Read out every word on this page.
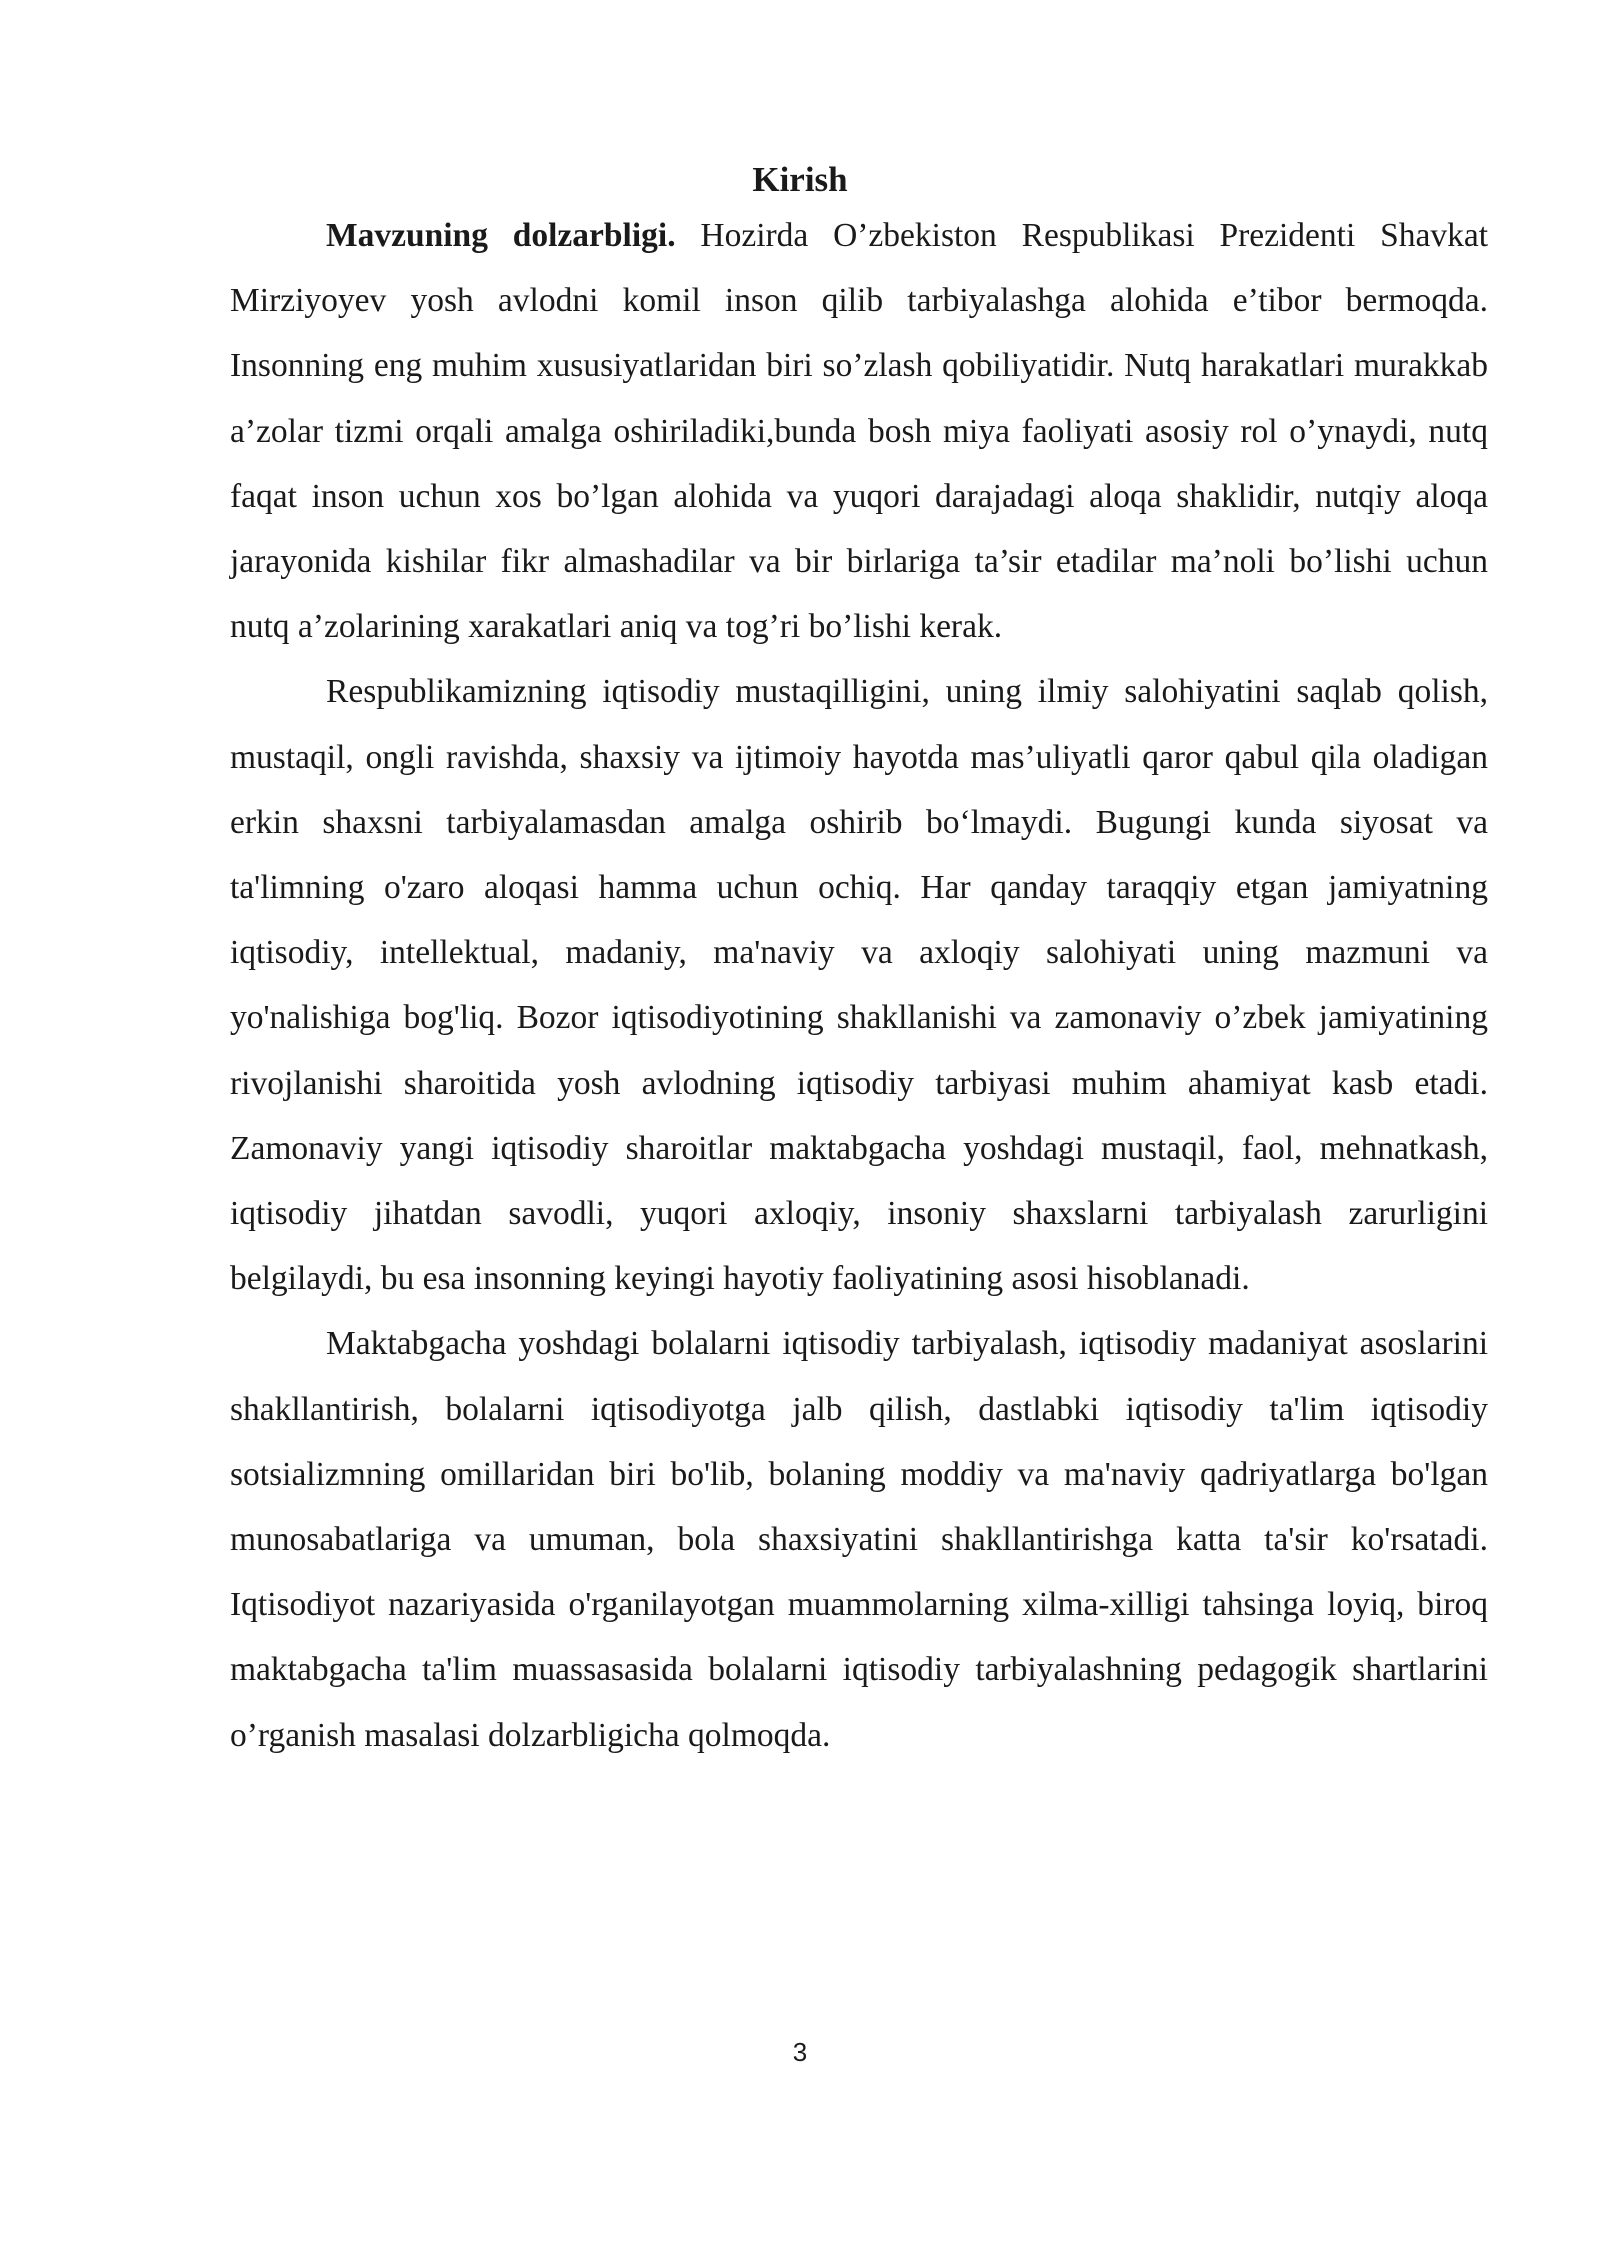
Kirish

Mavzuning dolzarbligi. Hozirda O’zbekiston Respublikasi Prezidenti Shavkat Mirziyoyev yosh avlodni komil inson qilib tarbiyalashga alohida e’tibor bermoqda. Insonning eng muhim xususiyatlaridan biri so’zlash qobiliyatidir. Nutq harakatlari murakkab a’zolar tizmi orqali amalga oshiriladiki,bunda bosh miya faoliyati asosiy rol o’ynaydi, nutq faqat inson uchun xos bo’lgan alohida va yuqori darajadagi aloqa shaklidir, nutqiy aloqa jarayonida kishilar fikr almashadilar va bir birlariga ta’sir etadilar ma’noli bo’lishi uchun nutq a’zolarining xarakatlari aniq va tog’ri bo’lishi kerak.

Respublikamizning iqtisodiy mustaqilligini, uning ilmiy salohiyatini saqlab qolish, mustaqil, ongli ravishda, shaxsiy va ijtimoiy hayotda mas’uliyatli qaror qabul qila oladigan erkin shaxsni tarbiyalamasdan amalga oshirib bo‘lmaydi. Bugungi kunda siyosat va ta'limning o'zaro aloqasi hamma uchun ochiq. Har qanday taraqqiy etgan jamiyatning iqtisodiy, intellektual, madaniy, ma'naviy va axloqiy salohiyati uning mazmuni va yo'nalishiga bog'liq. Bozor iqtisodiyotining shakllanishi va zamonaviy o’zbek jamiyatining rivojlanishi sharoitida yosh avlodning iqtisodiy tarbiyasi muhim ahamiyat kasb etadi. Zamonaviy yangi iqtisodiy sharoitlar maktabgacha yoshdagi mustaqil, faol, mehnatkash, iqtisodiy jihatdan savodli, yuqori axloqiy, insoniy shaxslarni tarbiyalash zarurligini belgilaydi, bu esa insonning keyingi hayotiy faoliyatining asosi hisoblanadi.

Maktabgacha yoshdagi bolalarni iqtisodiy tarbiyalash, iqtisodiy madaniyat asoslarini shakllantirish, bolalarni iqtisodiyotga jalb qilish, dastlabki iqtisodiy ta'lim iqtisodiy sotsializmning omillaridan biri bo'lib, bolaning moddiy va ma'naviy qadriyatlarga bo'lgan munosabatlariga va umuman, bola shaxsiyatini shakllantirishga katta ta'sir ko'rsatadi. Iqtisodiyot nazariyasida o'rganilayotgan muammolarning xilma-xilligi tahsinga loyiq, biroq maktabgacha ta'lim muassasasida bolalarni iqtisodiy tarbiyalashning pedagogik shartlarini o’rganish masalasi dolzarbligicha qolmoqda.

3
